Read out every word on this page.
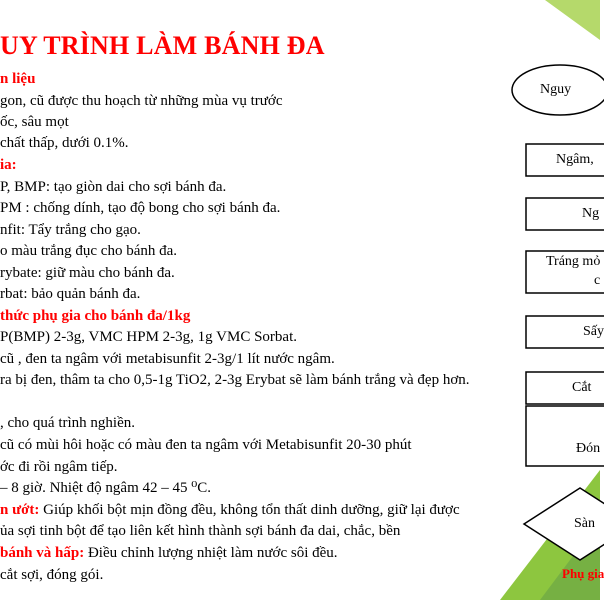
UY TRÌNH LÀM BÁNH ĐA
n liệu
gon, cũ được thu hoạch từ những mùa vụ trước
ốc, sâu mọt
chất thấp, dưới 0.1%.
ia:
P, BMP: tạo giòn dai cho sợi bánh đa.
PM : chống dính, tạo độ bong cho sợi bánh đa.
nfit: Tẩy trắng cho gạo.
o màu trắng đục cho bánh đa.
rybate: giữ màu cho bánh đa.
rbat: bảo quản bánh đa.
thức phụ gia cho bánh đa/1kg
P(BMP) 2-3g, VMC HPM 2-3g, 1g VMC Sorbat.
cũ , đen ta ngâm với metabisunfit 2-3g/1 lít nước ngâm.
ra bị đen, thâm ta cho 0,5-1g TiO2, 2-3g Erybat sẽ làm bánh trắng và đẹp hơn.
, cho quá trình nghiền.
cũ có mùi hôi hoặc có màu đen ta ngâm với Metabisunfit 20-30 phút
ớc đi rồi ngâm tiếp.
– 8 giờ. Nhiệt độ ngâm 42 – 45 ⁰C.
n ướt: Giúp khối bột mịn đồng đều, không tổn thất dinh dưỡng, giữ lại được
ủa sợi tinh bột để tạo liên kết hình thành sợi bánh đa dai, chắc, bền
bánh và hấp: Điều chỉnh lượng nhiệt làm nước sôi đều.
cắt sợi, đóng gói.
Nguy
Ngâm,
Ng
Tráng mỏ
c
Sấy
Cắt
Đón
Sàn
Phụ gia
